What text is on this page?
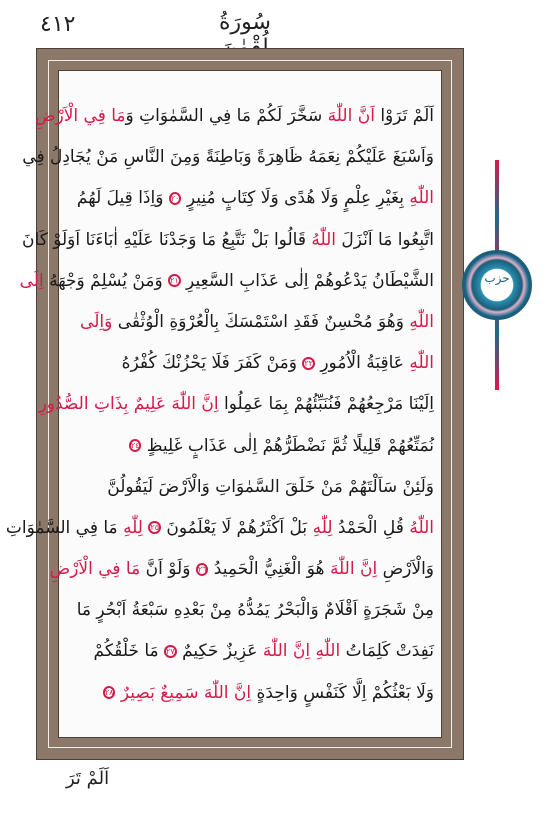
٤١٢	سُورَةُ
اَلَمْ تَرَوْا اَنَّ اللّٰهَ سَخَّرَ لَكُمْ مَا فِي السَّمٰوَاتِ وَمَا فِي الْاَرْضِ
وَاَسْبَغَ عَلَيْكُمْ نِعَمَهُ ظَاهِرَةً وَبَاطِنَةً وَمِنَ النَّاسِ مَنْ يُجَادِلُ فِي
اللّٰهِ بِغَيْرِ عِلْمٍ وَلَا هُدًى وَلَا كِتَابٍ مُنِيرٍ ٢٠ وَاِذَا قِيلَ لَهُمُ
اتَّبِعُوا مَا اَنْزَلَ اللّٰهُ قَالُوا بَلْ نَتَّبِعُ مَا وَجَدْنَا عَلَيْهِ اٰبَاءَنَا اَوَلَوْ كَانَ
الشَّيْطَانُ يَدْعُوهُمْ اِلٰى عَذَابِ السَّعِيرِ ٢١ وَمَنْ يُسْلِمْ وَجْهَهُ اِلَى
اللّٰهِ وَهُوَ مُحْسِنٌ فَقَدِ اسْتَمْسَكَ بِالْعُرْوَةِ الْوُثْقٰى وَاِلَى
اللّٰهِ عَاقِبَةُ الْاُمُورِ ٢٢ وَمَنْ كَفَرَ فَلَا يَحْزُنْكَ كُفْرُهُ
اِلَيْنَا مَرْجِعُهُمْ فَنُنَبِّئُهُمْ بِمَا عَمِلُوا اِنَّ اللّٰهَ عَلِيمٌ بِذَاتِ الصُّدُورِ
نُمَتِّعُهُمْ قَلِيلًا ثُمَّ نَضْطَرُّهُمْ اِلٰى عَذَابٍ غَلِيظٍ ٢٤
وَلَئِنْ سَاَلْتَهُمْ مَنْ خَلَقَ السَّمٰوَاتِ وَالْاَرْضَ لَيَقُولُنَّ
اللّٰهُ قُلِ الْحَمْدُ لِلّٰهِ بَلْ اَكْثَرُهُمْ لَا يَعْلَمُونَ ٢٥ لِلّٰهِ مَا فِي السَّمٰوَاتِ
وَالْاَرْضِ اِنَّ اللّٰهَ هُوَ الْغَنِيُّ الْحَمِيدُ ٢٦ وَلَوْ اَنَّ مَا فِي الْاَرْضِ
مِنْ شَجَرَةٍ اَقْلَامٌ وَالْبَحْرُ يَمُدُّهُ مِنْ بَعْدِهِ سَبْعَةُ اَبْحُرٍ مَا
نَفِدَتْ كَلِمَاتُ اللّٰهِ اِنَّ اللّٰهَ عَزِيزٌ حَكِيمٌ ٢٧ مَا خَلْقُكُمْ
وَلَا بَعْثُكُمْ اِلَّا كَنَفْسٍ وَاحِدَةٍ اِنَّ اللّٰهَ سَمِيعٌ بَصِيرٌ ٢٨
حزب
اَلَمْ تَرَ
